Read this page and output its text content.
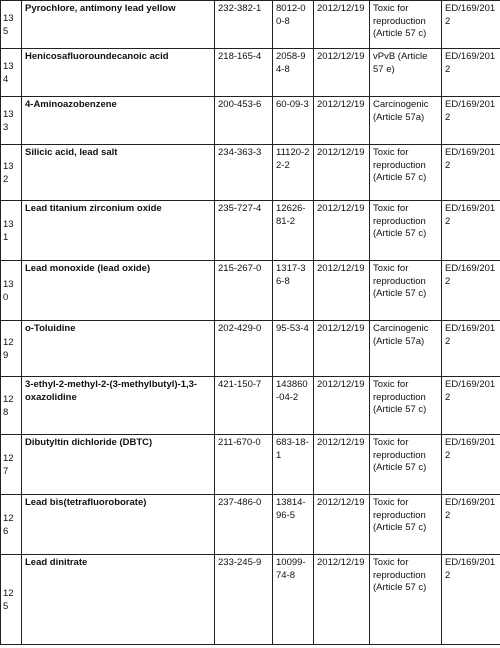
135	Pyrochlore, antimony lead yellow	232-382-1	8012-00-8	2012/12/19	Toxic for reproduction (Article 57 c)	ED/169/2012
134	Henicosafluoroundecanoic acid	218-165-4	2058-94-8	2012/12/19	vPvB (Article 57 e)	ED/169/2012
133	4-Aminoazobenzene	200-453-6	60-09-3	2012/12/19	Carcinogenic (Article 57a)	ED/169/2012
132	Silicic acid, lead salt	234-363-3	11120-22-2	2012/12/19	Toxic for reproduction (Article 57 c)	ED/169/2012
131	Lead titanium zirconium oxide	235-727-4	12626-81-2	2012/12/19	Toxic for reproduction (Article 57 c)	ED/169/2012
130	Lead monoxide (lead oxide)	215-267-0	1317-36-8	2012/12/19	Toxic for reproduction (Article 57 c)	ED/169/2012
129	o-Toluidine	202-429-0	95-53-4	2012/12/19	Carcinogenic (Article 57a)	ED/169/2012
128	3-ethyl-2-methyl-2-(3-methylbutyl)-1,3-oxazolidine	421-150-7	143860-04-2	2012/12/19	Toxic for reproduction (Article 57 c)	ED/169/2012
127	Dibutyltin dichloride (DBTC)	211-670-0	683-18-1	2012/12/19	Toxic for reproduction (Article 57 c)	ED/169/2012
126	Lead bis(tetrafluoroborate)	237-486-0	13814-96-5	2012/12/19	Toxic for reproduction (Article 57 c)	ED/169/2012
125	Lead dinitrate	233-245-9	10099-74-8	2012/12/19	Toxic for reproduction (Article 57 c)	ED/169/2012
